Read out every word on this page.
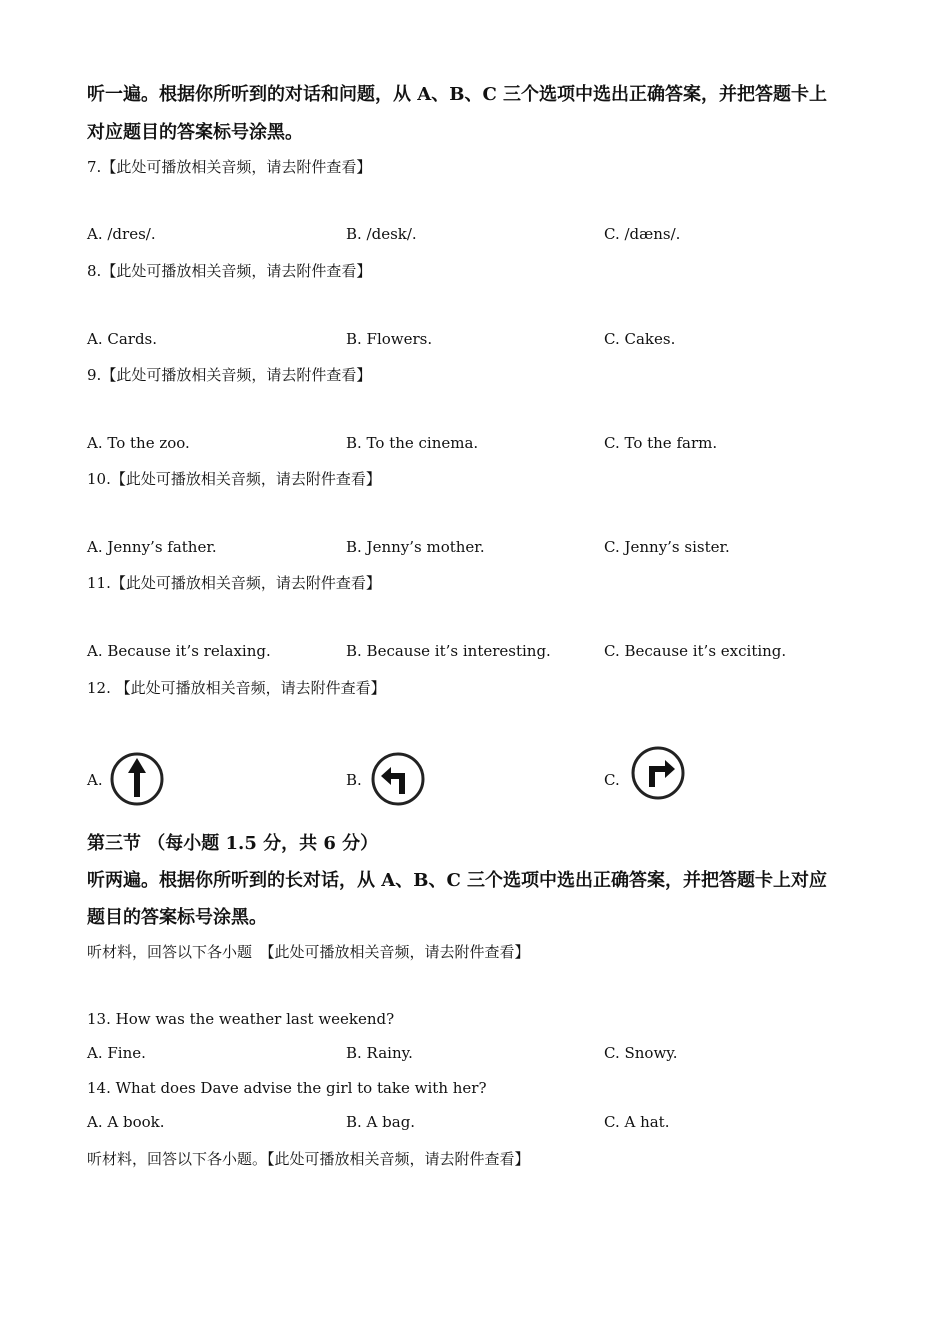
听一遍。根据你所听到的对话和问题，从 A、B、C 三个选项中选出正确答案，并把答题卡上
对应题目的答案标号涂黑。
7.【此处可播放相关音频，请去附件查看】
A. /dres/.	B. /desk/.	C. /dæns/.
8.【此处可播放相关音频，请去附件查看】
A. Cards.	B. Flowers.	C. Cakes.
9.【此处可播放相关音频，请去附件查看】
A. To the zoo.	B. To the cinema.	C. To the farm.
10.【此处可播放相关音频，请去附件查看】
A. Jenny’s father.	B. Jenny’s mother.	C. Jenny’s sister.
11.【此处可播放相关音频，请去附件查看】
A. Because it’s relaxing.	B. Because it’s interesting.	C. Because it’s exciting.
12. 【此处可播放相关音频，请去附件查看】
A.	B.	C.
第三节 （每小题 1.5 分，共 6 分）
听两遍。根据你所听到的长对话，从 A、B、C 三个选项中选出正确答案，并把答题卡上对应
题目的答案标号涂黑。
听材料，回答以下各小题　【此处可播放相关音频，请去附件查看】
13. How was the weather last weekend?
A. Fine.	B. Rainy.	C. Snowy.
14. What does Dave advise the girl to take with her?
A. A book.	B. A bag.	C. A hat.
听材料，回答以下各小题。【此处可播放相关音频，请去附件查看】
